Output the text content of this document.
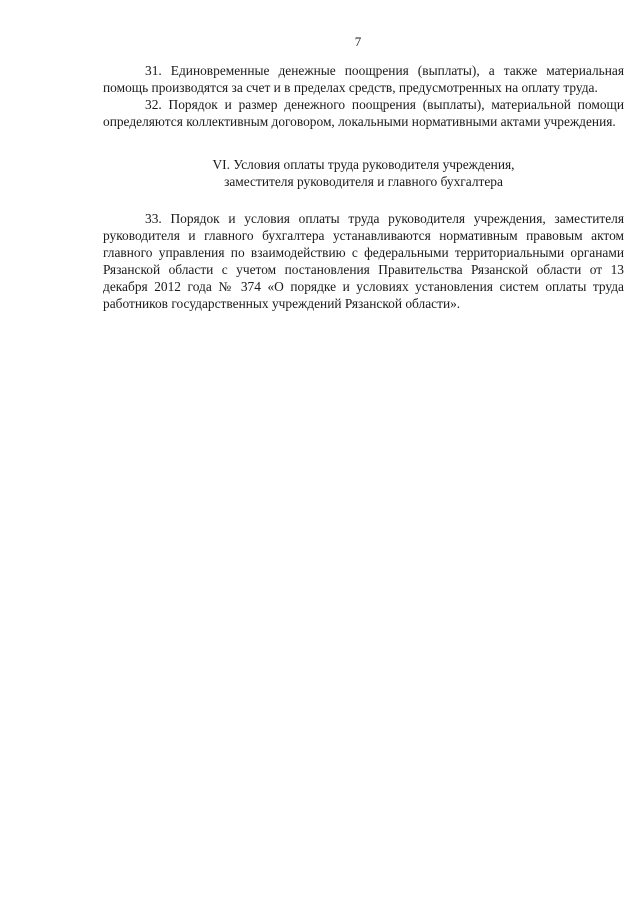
7

31. Единовременные денежные поощрения (выплаты), а также материальная помощь производятся за счет и в пределах средств, предусмотренных на оплату труда.

32. Порядок и размер денежного поощрения (выплаты), материальной помощи определяются коллективным договором, локальными нормативными актами учреждения.

VI. Условия оплаты труда руководителя учреждения,
заместителя руководителя и главного бухгалтера

33. Порядок и условия оплаты труда руководителя учреждения, заместителя руководителя и главного бухгалтера устанавливаются нормативным правовым актом главного управления по взаимодействию с федеральными территориальными органами Рязанской области с учетом постановления Правительства Рязанской области от 13 декабря 2012 года № 374 «О порядке и условиях установления систем оплаты труда работников государственных учреждений Рязанской области».
